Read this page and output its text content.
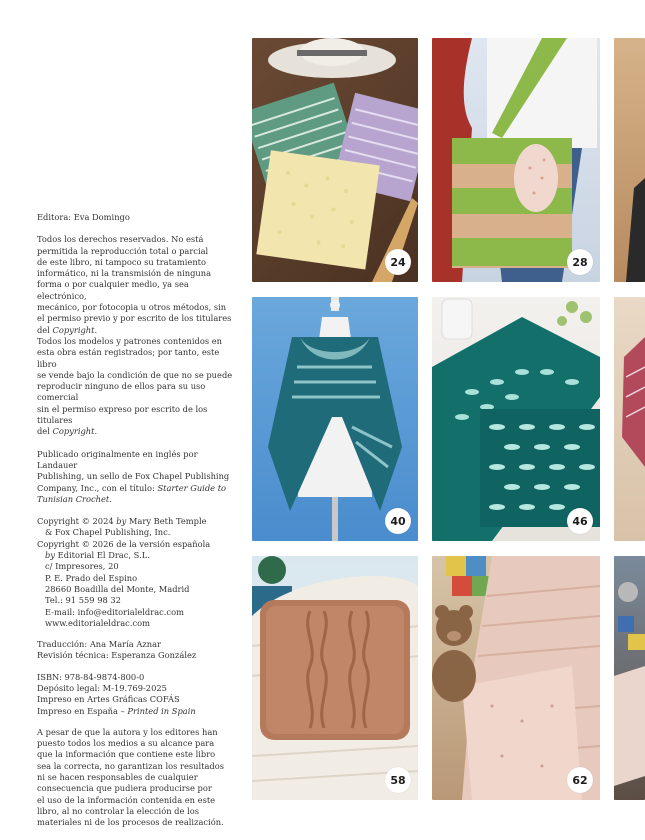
Editora: Eva Domingo

Todos los derechos reservados. No está

permitida la reproducción total o parcial

de este libro, ni tampoco su tratamiento

informático, ni la transmisión de ninguna

forma o por cualquier medio, ya sea electrónico,

mecánico, por fotocopia u otros métodos, sin

el permiso previo y por escrito de los titulares

del Copyright.

Todos los modelos y patrones contenidos en

esta obra están registrados; por tanto, este libro

se vende bajo la condición de que no se puede

reproducir ninguno de ellos para su uso comercial

sin el permiso expreso por escrito de los titulares

del Copyright.

Publicado originalmente en inglés por Landauer

Publishing, un sello de Fox Chapel Publishing

Company, Inc., con el título: Starter Guide to

Tunisian Crochet.

Copyright © 2024 by Mary Beth Temple

& Fox Chapel Publishing, Inc.

Copyright © 2026 de la versión española

by Editorial El Drac, S.L.

c/ Impresores, 20

P. E. Prado del Espino

28660 Boadilla del Monte, Madrid

Tel.: 91 559 98 32

E-mail: info@editorialeldrac.com

www.editorialeldrac.com

Traducción: Ana María Aznar

Revisión técnica: Esperanza González

ISBN: 978-84-9874-800-0

Depósito legal: M-19.769-2025

Impreso en Artes Gráficas COFÁS

Impreso en España – Printed in Spain

A pesar de que la autora y los editores han

puesto todos los medios a su alcance para

que la información que contiene este libro

sea la correcta, no garantizan los resultados

ni se hacen responsables de cualquier

consecuencia que pudiera producirse por

el uso de la información contenida en este

libro, al no controlar la elección de los

materiales ni de los procesos de realización.

24	28
40	46
58	62
